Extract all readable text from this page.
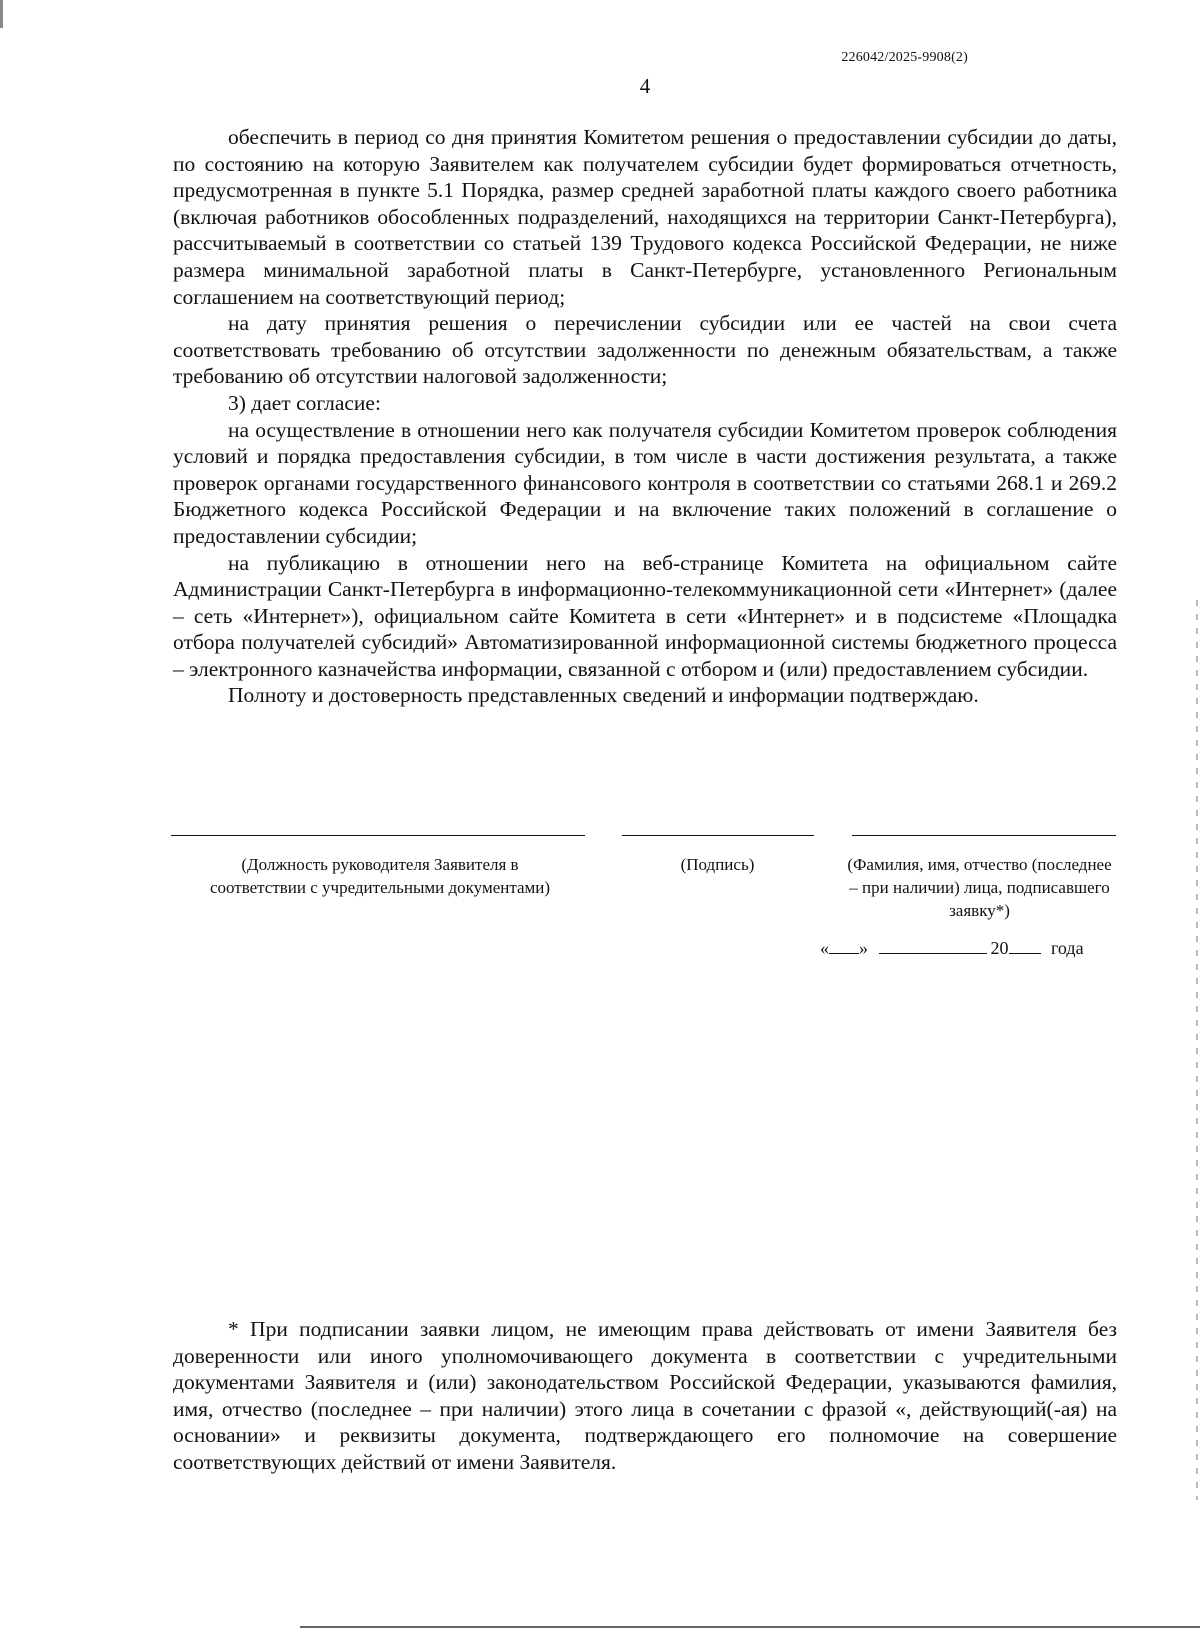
226042/2025-9908(2)
4

обеспечить в период со дня принятия Комитетом решения о предоставлении субсидии до даты, по состоянию на которую Заявителем как получателем субсидии будет формироваться отчетность, предусмотренная в пункте 5.1 Порядка, размер средней заработной платы каждого своего работника (включая работников обособленных подразделений, находящихся на территории Санкт-Петербурга), рассчитываемый в соответствии со статьей 139 Трудового кодекса Российской Федерации, не ниже размера минимальной заработной платы в Санкт-Петербурге, установленного Региональным соглашением на соответствующий период;

на дату принятия решения о перечислении субсидии или ее частей на свои счета соответствовать требованию об отсутствии задолженности по денежным обязательствам, а также требованию об отсутствии налоговой задолженности;

3) дает согласие:

на осуществление в отношении него как получателя субсидии Комитетом проверок соблюдения условий и порядка предоставления субсидии, в том числе в части достижения результата, а также проверок органами государственного финансового контроля в соответствии со статьями 268.1 и 269.2 Бюджетного кодекса Российской Федерации и на включение таких положений в соглашение о предоставлении субсидии;

на публикацию в отношении него на веб-странице Комитета на официальном сайте Администрации Санкт-Петербурга в информационно-телекоммуникационной сети «Интернет» (далее – сеть «Интернет»), официальном сайте Комитета в сети «Интернет» и в подсистеме «Площадка отбора получателей субсидий» Автоматизированной информационной системы бюджетного процесса – электронного казначейства информации, связанной с отбором и (или) предоставлением субсидии.

Полноту и достоверность представленных сведений и информации подтверждаю.

(Должность руководителя Заявителя в соответствии с учредительными документами)
(Подпись)	(Фамилия, имя, отчество (последнее – при наличии) лица, подписавшего заявку*)
« »	20 года

* При подписании заявки лицом, не имеющим права действовать от имени Заявителя без доверенности или иного уполномочивающего документа в соответствии с учредительными документами Заявителя и (или) законодательством Российской Федерации, указываются фамилия, имя, отчество (последнее – при наличии) этого лица в сочетании с фразой «, действующий(-ая) на основании» и реквизиты документа, подтверждающего его полномочие на совершение соответствующих действий от имени Заявителя.
